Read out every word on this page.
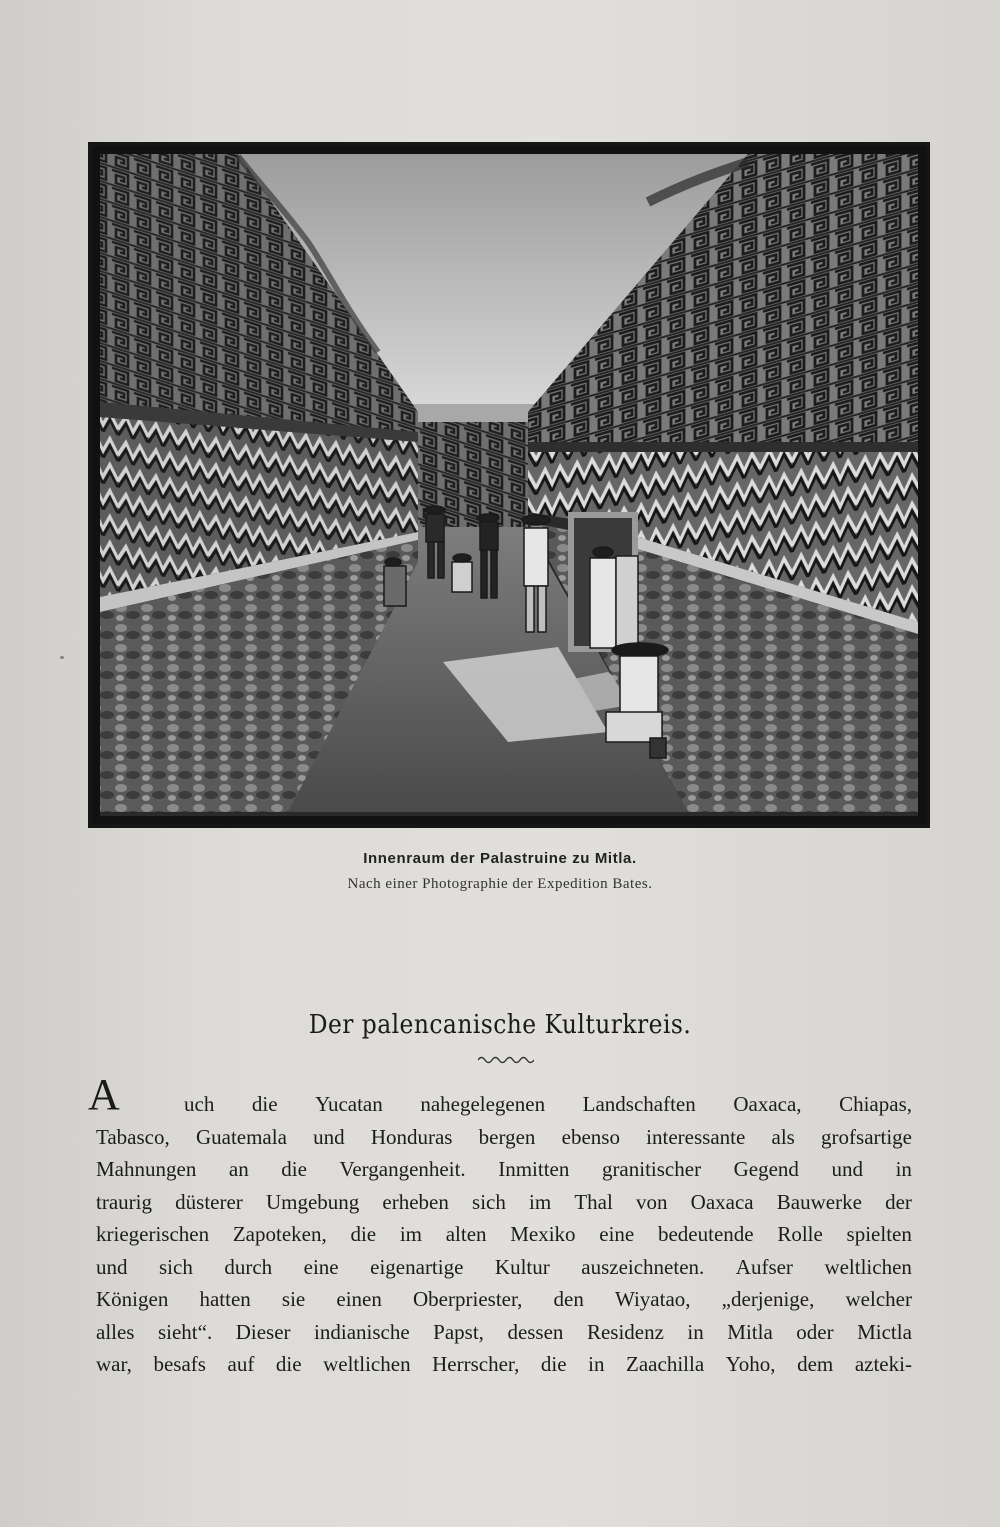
Innenraum der Palastruine zu Mitla.
Nach einer Photographie der Expedition Bates.
Der palencanische Kulturkreis.
A	uch die Yucatan nahegelegenen Landschaften Oaxaca, Chiapas,
Tabasco, Guatemala und Honduras bergen ebenso interessante als grofsartige
Mahnungen an die Vergangenheit. Inmitten granitischer Gegend und in
traurig düsterer Umgebung erheben sich im Thal von Oaxaca Bauwerke der
kriegerischen Zapoteken, die im alten Mexiko eine bedeutende Rolle spielten
und sich durch eine eigenartige Kultur auszeichneten. Aufser weltlichen
Königen hatten sie einen Oberpriester, den Wiyatao, „derjenige, welcher
alles sieht“. Dieser indianische Papst, dessen Residenz in Mitla oder Mictla
war, besafs auf die weltlichen Herrscher, die in Zaachilla Yoho, dem azteki-
